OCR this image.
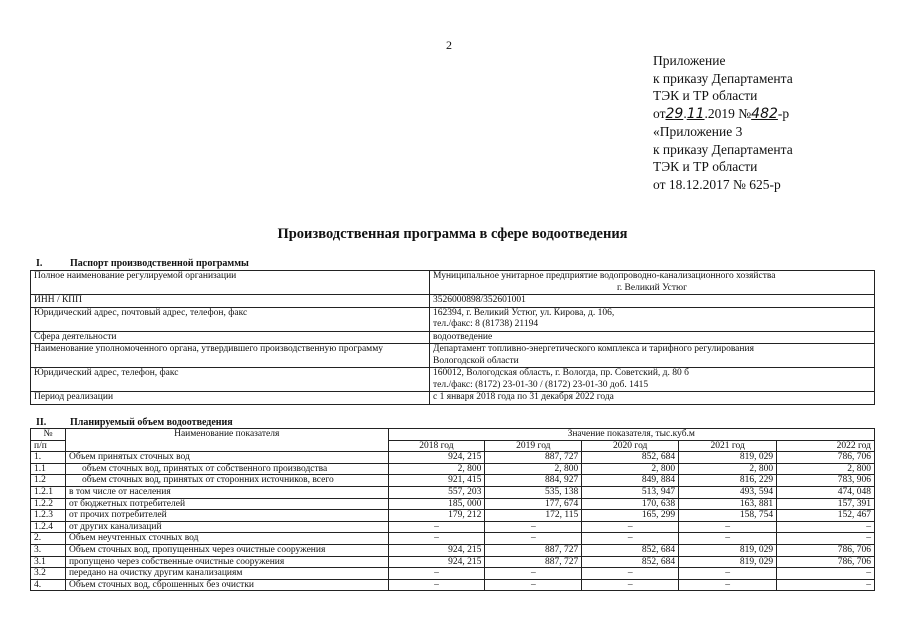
2
Приложение
к приказу Департамента
ТЭК и ТР области
от29.11.2019 №482-р
«Приложение 3
к приказу Департамента
ТЭК и ТР области
от 18.12.2017 № 625-р
Производственная программа в сфере водоотведения
I.	Паспорт производственной программы
Полное наименование регулируемой организации	Муниципальное унитарное предприятие водопроводно-канализационного хозяйства
г. Великий Устюг

ИНН / КПП	3526000898/352601001

Юридический адрес, почтовый адрес, телефон, факс	162394, г. Великий Устюг, ул. Кирова, д. 106,
тел./факс: 8 (81738) 21194

Сфера деятельности	водоотведение

Наименование уполномоченного органа, утвердившего производственную программу	Департамент топливно-энергетического комплекса и тарифного регулирования
Вологодской области

Юридический адрес, телефон, факс	160012, Вологодская область, г. Вологда, пр. Советский, д. 80 б
тел./факс: (8172) 23-01-30 / (8172) 23-01-30 доб. 1415

Период реализации	с 1 января 2018 года по 31 декабря 2022 года
II. Планируемый объем водоотведения
№	Наименование показателя	Значение показателя, тыс.куб.м				
п/п		2018 год	2019 год	2020 год	2021 год	2022 год
1.	Объем принятых сточных вод	924, 215	887, 727	852, 684	819, 029	786, 706
1.1	объем сточных вод, принятых от собственного производства	2, 800	2, 800	2, 800	2, 800	2, 800
1.2	объем сточных вод, принятых от сторонних источников, всего	921, 415	884, 927	849, 884	816, 229	783, 906
1.2.1	в том числе от населения	557, 203	535, 138	513, 947	493, 594	474, 048
1.2.2	от бюджетных потребителей	185, 000	177, 674	170, 638	163, 881	157, 391
1.2.3	от прочих потребителей	179, 212	172, 115	165, 299	158, 754	152, 467
1.2.4	от других канализаций	–	–	–	–	–
2.	Объем неучтенных сточных вод	–	–	–	–	–
3.	Объем сточных вод, пропущенных через очистные сооружения	924, 215	887, 727	852, 684	819, 029	786, 706
3.1	пропущено через собственные очистные сооружения	924, 215	887, 727	852, 684	819, 029	786, 706
3.2	передано на очистку другим канализациям	–	–	–	–	–
4.	Объем сточных вод, сброшенных без очистки	–	–	–	–	–
